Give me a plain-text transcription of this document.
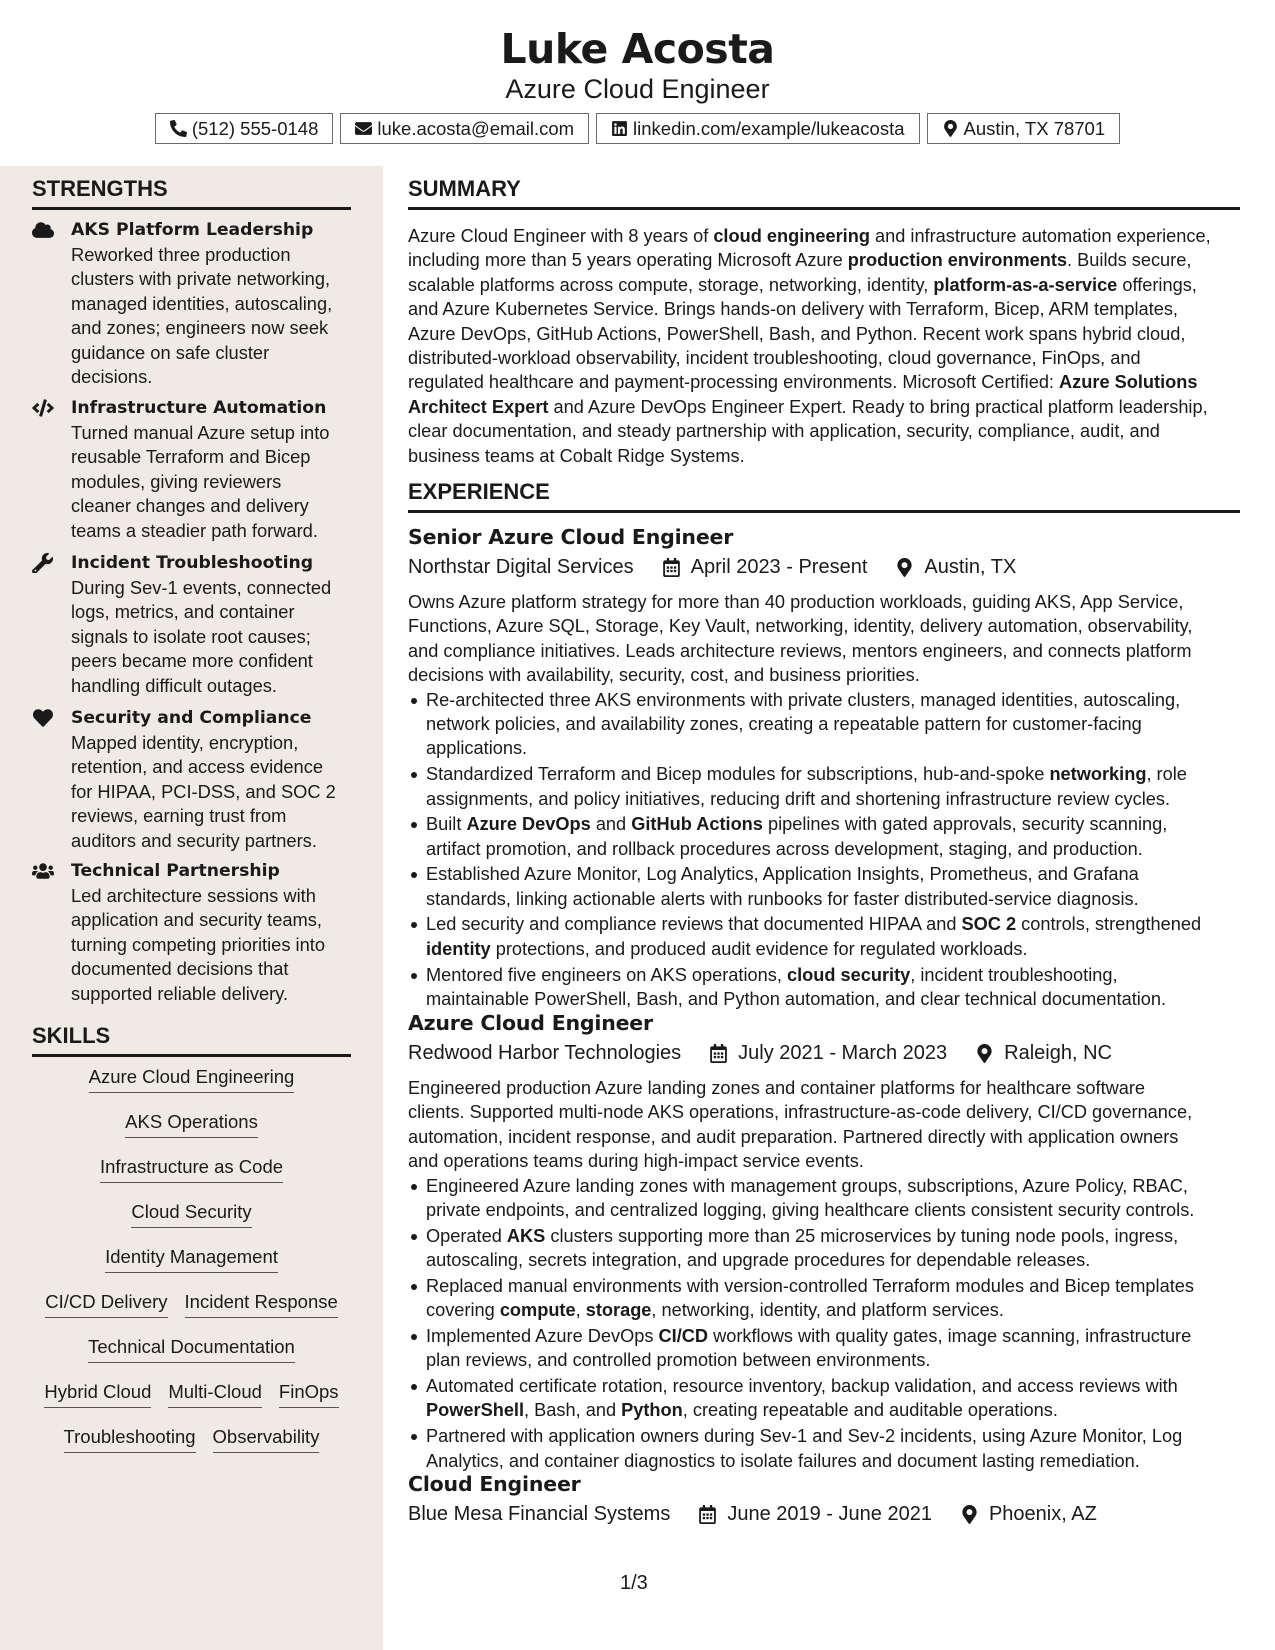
Luke Acosta
Azure Cloud Engineer
(512) 555-0148	luke.acosta@email.com	linkedin.com/example/lukeacosta	Austin, TX 78701
STRENGTHS
AKS Platform Leadership
Reworked three production
clusters with private networking,
managed identities, autoscaling,
and zones; engineers now seek
guidance on safe cluster
decisions.
Infrastructure Automation
Turned manual Azure setup into
reusable Terraform and Bicep
modules, giving reviewers
cleaner changes and delivery
teams a steadier path forward.
Incident Troubleshooting
During Sev-1 events, connected
logs, metrics, and container
signals to isolate root causes;
peers became more confident
handling difficult outages.
Security and Compliance
Mapped identity, encryption,
retention, and access evidence
for HIPAA, PCI-DSS, and SOC 2
reviews, earning trust from
auditors and security partners.
Technical Partnership
Led architecture sessions with
application and security teams,
turning competing priorities into
documented decisions that
supported reliable delivery.
SKILLS
Azure Cloud Engineering
AKS Operations
Infrastructure as Code
Cloud Security
Identity Management
CI/CD Delivery Incident Response
Technical Documentation
Hybrid Cloud Multi-Cloud FinOps
Troubleshooting Observability
SUMMARY
Azure Cloud Engineer with 8 years of cloud engineering and infrastructure automation experience,
including more than 5 years operating Microsoft Azure production environments. Builds secure,
scalable platforms across compute, storage, networking, identity, platform-as-a-service offerings,
and Azure Kubernetes Service. Brings hands-on delivery with Terraform, Bicep, ARM templates,
Azure DevOps, GitHub Actions, PowerShell, Bash, and Python. Recent work spans hybrid cloud,
distributed-workload observability, incident troubleshooting, cloud governance, FinOps, and
regulated healthcare and payment-processing environments. Microsoft Certified: Azure Solutions
Architect Expert and Azure DevOps Engineer Expert. Ready to bring practical platform leadership,
clear documentation, and steady partnership with application, security, compliance, audit, and
business teams at Cobalt Ridge Systems.
EXPERIENCE
Senior Azure Cloud Engineer
Northstar Digital Services	April 2023 - Present	Austin, TX
Owns Azure platform strategy for more than 40 production workloads, guiding AKS, App Service,
Functions, Azure SQL, Storage, Key Vault, networking, identity, delivery automation, observability,
and compliance initiatives. Leads architecture reviews, mentors engineers, and connects platform
decisions with availability, security, cost, and business priorities.
Re-architected three AKS environments with private clusters, managed identities, autoscaling,
network policies, and availability zones, creating a repeatable pattern for customer-facing
applications.
Standardized Terraform and Bicep modules for subscriptions, hub-and-spoke networking, role
assignments, and policy initiatives, reducing drift and shortening infrastructure review cycles.
Built Azure DevOps and GitHub Actions pipelines with gated approvals, security scanning,
artifact promotion, and rollback procedures across development, staging, and production.
Established Azure Monitor, Log Analytics, Application Insights, Prometheus, and Grafana
standards, linking actionable alerts with runbooks for faster distributed-service diagnosis.
Led security and compliance reviews that documented HIPAA and SOC 2 controls, strengthened
identity protections, and produced audit evidence for regulated workloads.
Mentored five engineers on AKS operations, cloud security, incident troubleshooting,
maintainable PowerShell, Bash, and Python automation, and clear technical documentation.
Azure Cloud Engineer
Redwood Harbor Technologies	July 2021 - March 2023	Raleigh, NC
Engineered production Azure landing zones and container platforms for healthcare software
clients. Supported multi-node AKS operations, infrastructure-as-code delivery, CI/CD governance,
automation, incident response, and audit preparation. Partnered directly with application owners
and operations teams during high-impact service events.
Engineered Azure landing zones with management groups, subscriptions, Azure Policy, RBAC,
private endpoints, and centralized logging, giving healthcare clients consistent security controls.
Operated AKS clusters supporting more than 25 microservices by tuning node pools, ingress,
autoscaling, secrets integration, and upgrade procedures for dependable releases.
Replaced manual environments with version-controlled Terraform modules and Bicep templates
covering compute, storage, networking, identity, and platform services.
Implemented Azure DevOps CI/CD workflows with quality gates, image scanning, infrastructure
plan reviews, and controlled promotion between environments.
Automated certificate rotation, resource inventory, backup validation, and access reviews with
PowerShell, Bash, and Python, creating repeatable and auditable operations.
Partnered with application owners during Sev-1 and Sev-2 incidents, using Azure Monitor, Log
Analytics, and container diagnostics to isolate failures and document lasting remediation.
Cloud Engineer
Blue Mesa Financial Systems	June 2019 - June 2021	Phoenix, AZ
1/3
